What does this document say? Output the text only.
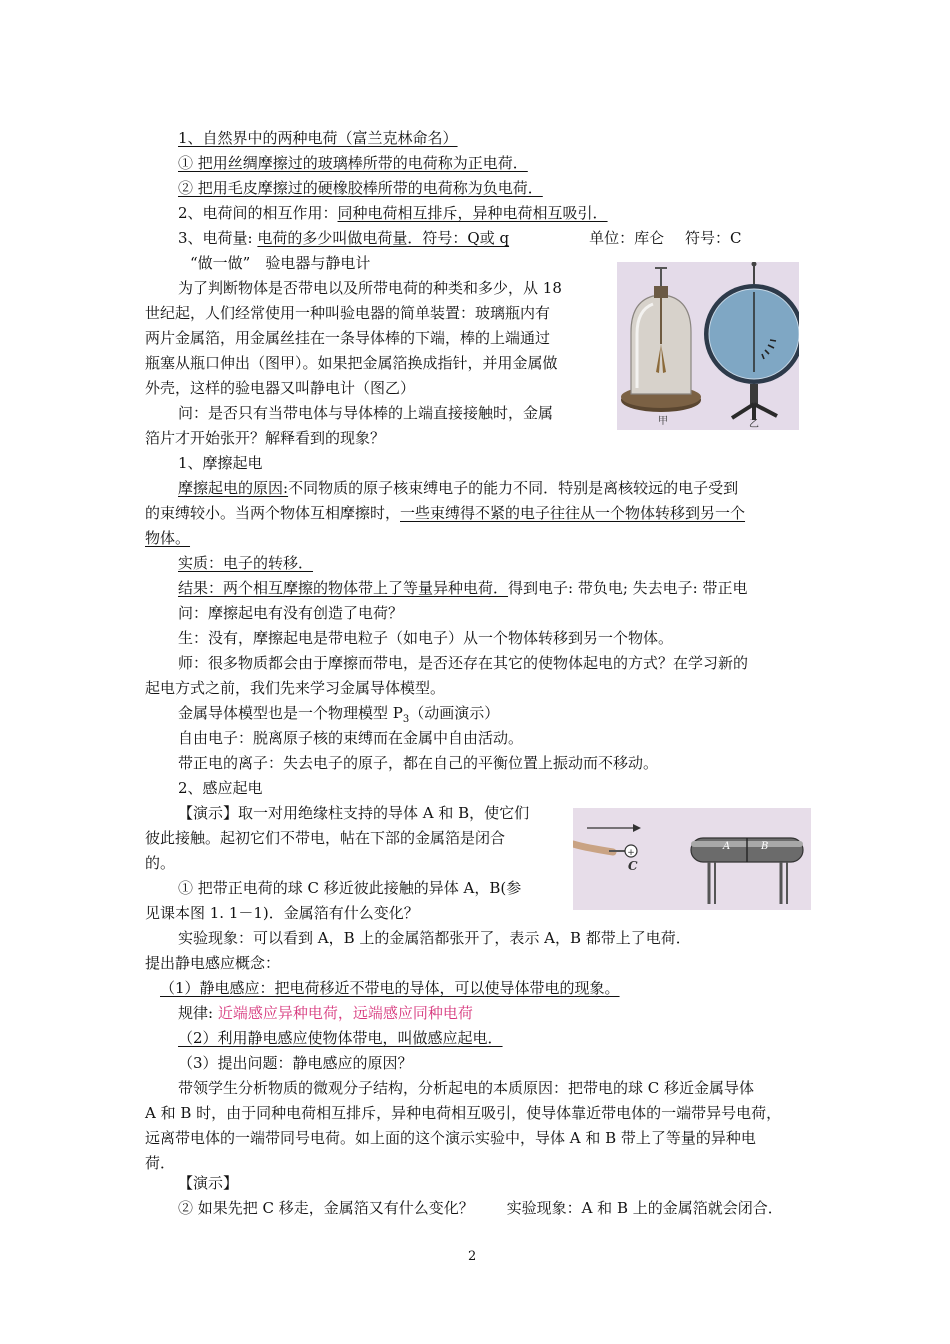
1、自然界中的两种电荷（富兰克林命名）
① 把用丝绸摩擦过的玻璃棒所带的电荷称为正电荷．
② 把用毛皮摩擦过的硬橡胶棒所带的电荷称为负电荷．
2、电荷间的相互作用：同种电荷相互排斥，异种电荷相互吸引．
3、电荷量: 电荷的多少叫做电荷量．符号：Q或 q	单位：库仑 符号：C
“做一做”　验电器与静电计
为了判断物体是否带电以及所带电荷的种类和多少，从 18
世纪起，人们经常使用一种叫验电器的简单装置：玻璃瓶内有
两片金属箔，用金属丝挂在一条导体棒的下端，棒的上端通过
瓶塞从瓶口伸出（图甲）。如果把金属箔换成指针，并用金属做
外壳，这样的验电器又叫静电计（图乙）
问：是否只有当带电体与导体棒的上端直接接触时，金属
箔片才开始张开？解释看到的现象？
甲	乙
1、摩擦起电
摩擦起电的原因:不同物质的原子核束缚电子的能力不同．特别是离核较远的电子受到
的束缚较小。当两个物体互相摩擦时，一些束缚得不紧的电子往往从一个物体转移到另一个
物体。
实质：电子的转移．
结果：两个相互摩擦的物体带上了等量异种电荷．得到电子: 带负电; 失去电子: 带正电
问：摩擦起电有没有创造了电荷？
生：没有，摩擦起电是带电粒子（如电子）从一个物体转移到另一个物体。
师：很多物质都会由于摩擦而带电，是否还存在其它的使物体起电的方式？在学习新的
起电方式之前，我们先来学习金属导体模型。
金属导体模型也是一个物理模型 $P_3$（动画演示）
自由电子：脱离原子核的束缚而在金属中自由活动。
带正电的离子：失去电子的原子，都在自己的平衡位置上振动而不移动。
2、感应起电
【演示】取一对用绝缘柱支持的导体 A 和 B，使它们
彼此接触。起初它们不带电，帖在下部的金属箔是闭合
的。
① 把带正电荷的球 C 移近彼此接触的异体 A，B(参
见课本图 1. 1－1)．金属箔有什么变化？
+
C
A	B
实验现象：可以看到 A，B 上的金属箔都张开了，表示 A，B 都带上了电荷．
提出静电感应概念：
（1）静电感应：把电荷移近不带电的导体，可以使导体带电的现象。
规律: 近端感应异种电荷，远端感应同种电荷
（2）利用静电感应使物体带电，叫做感应起电．
（3）提出问题：静电感应的原因？
带领学生分析物质的微观分子结构，分析起电的本质原因：把带电的球 C 移近金属导体
A 和 B 时，由于同种电荷相互排斥，异种电荷相互吸引，使导体靠近带电体的一端带异号电荷，
远离带电体的一端带同号电荷。如上面的这个演示实验中，导体 A 和 B 带上了等量的异种电
荷．
【演示】
② 如果先把 C 移走，金属箔又有什么变化？ 实验现象：A 和 B 上的金属箔就会闭合．
2
